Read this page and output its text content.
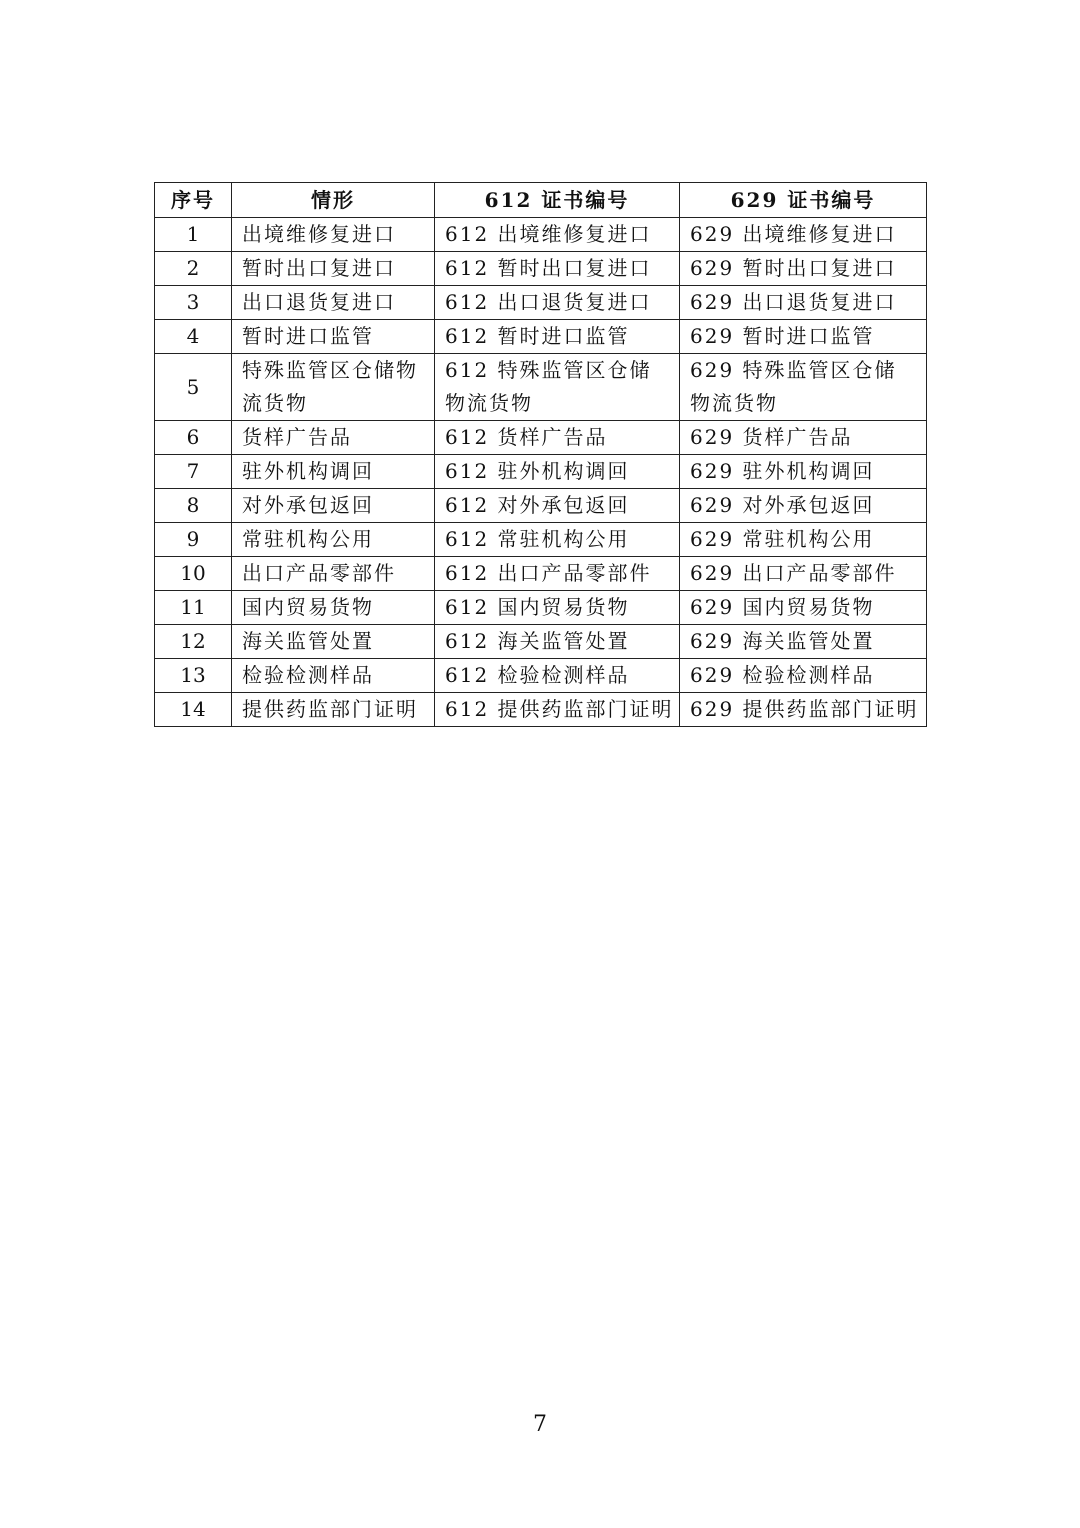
序号	情形	612 证书编号	629 证书编号
1	出境维修复进口	612 出境维修复进口	629 出境维修复进口
2	暂时出口复进口	612 暂时出口复进口	629 暂时出口复进口
3	出口退货复进口	612 出口退货复进口	629 出口退货复进口
4	暂时进口监管	612 暂时进口监管	629 暂时进口监管
5	特殊监管区仓储物流货物	612 特殊监管区仓储物流货物	629 特殊监管区仓储物流货物
6	货样广告品	612 货样广告品	629 货样广告品
7	驻外机构调回	612 驻外机构调回	629 驻外机构调回
8	对外承包返回	612 对外承包返回	629 对外承包返回
9	常驻机构公用	612 常驻机构公用	629 常驻机构公用
10	出口产品零部件	612 出口产品零部件	629 出口产品零部件
11	国内贸易货物	612 国内贸易货物	629 国内贸易货物
12	海关监管处置	612 海关监管处置	629 海关监管处置
13	检验检测样品	612 检验检测样品	629 检验检测样品
14	提供药监部门证明	612 提供药监部门证明	629 提供药监部门证明
7
